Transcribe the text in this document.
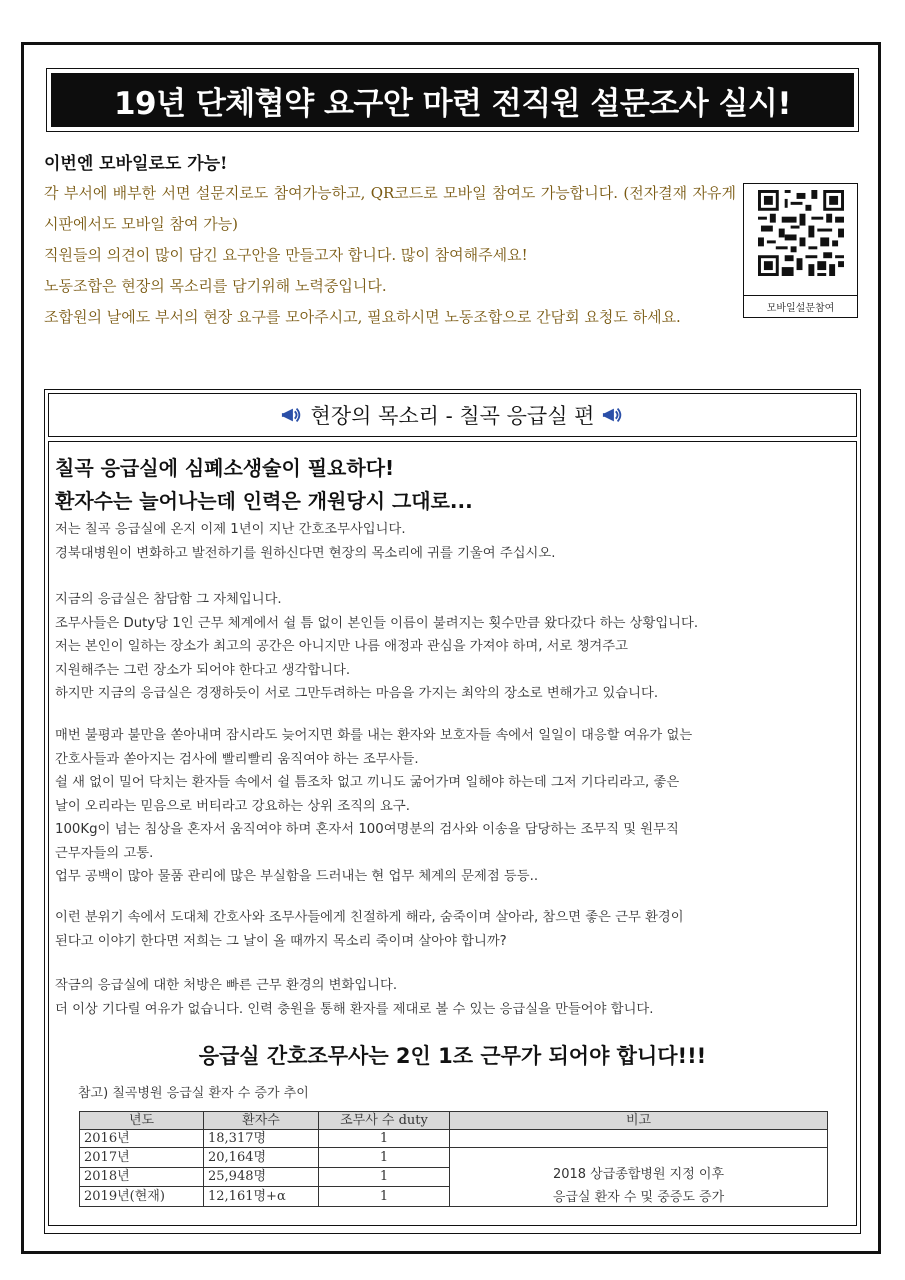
19년 단체협약 요구안 마련 전직원 설문조사 실시!
이번엔 모바일로도 가능!

각 부서에 배부한 서면 설문지로도 참여가능하고, QR코드로 모바일 참여도 가능합니다. (전자결재 자유게시판에서도 모바일 참여 가능)

직원들의 의견이 많이 담긴 요구안을 만들고자 합니다. 많이 참여해주세요!

노동조합은 현장의 목소리를 담기위해 노력중입니다.

조합원의 날에도 부서의 현장 요구를 모아주시고, 필요하시면 노동조합으로 간담회 요청도 하세요.	모바일설문참여
현장의 목소리 - 칠곡 응급실 편
칠곡 응급실에 심폐소생술이 필요하다!
환자수는 늘어나는데 인력은 개원당시 그대로...

저는 칠곡 응급실에 온지 이제 1년이 지난 간호조무사입니다.

경북대병원이 변화하고 발전하기를 원하신다면 현장의 목소리에 귀를 기울여 주십시오.

지금의 응급실은 참담함 그 자체입니다.

조무사들은 Duty당 1인 근무 체계에서 쉴 틈 없이 본인들 이름이 불려지는 횟수만큼 왔다갔다 하는 상황입니다.

저는 본인이 일하는 장소가 최고의 공간은 아니지만 나름 애정과 관심을 가져야 하며, 서로 챙겨주고

지원해주는 그런 장소가 되어야 한다고 생각합니다.

하지만 지금의 응급실은 경쟁하듯이 서로 그만두려하는 마음을 가지는 최악의 장소로 변해가고 있습니다.

매번 불평과 불만을 쏟아내며 잠시라도 늦어지면 화를 내는 환자와 보호자들 속에서 일일이 대응할 여유가 없는

간호사들과 쏟아지는 검사에 빨리빨리 움직여야 하는 조무사들.

쉴 새 없이 밀어 닥치는 환자들 속에서 쉴 틈조차 없고 끼니도 굶어가며 일해야 하는데 그저 기다리라고, 좋은

날이 오리라는 믿음으로 버티라고 강요하는 상위 조직의 요구.

100Kg이 넘는 침상을 혼자서 움직여야 하며 혼자서 100여명분의 검사와 이송을 담당하는 조무직 및 원무직

근무자들의 고통.

업무 공백이 많아 물품 관리에 많은 부실함을 드러내는 현 업무 체계의 문제점 등등..

이런 분위기 속에서 도대체 간호사와 조무사들에게 친절하게 해라, 숨죽이며 살아라, 참으면 좋은 근무 환경이

된다고 이야기 한다면 저희는 그 날이 올 때까지 목소리 죽이며 살아야 합니까?

작금의 응급실에 대한 처방은 빠른 근무 환경의 변화입니다.

더 이상 기다릴 여유가 없습니다. 인력 충원을 통해 환자를 제대로 볼 수 있는 응급실을 만들어야 합니다.

응급실 간호조무사는 2인 1조 근무가 되어야 합니다!!!
참고) 칠곡병원 응급실 환자 수 증가 추이
년도	환자수	조무사 수 duty	비고
2016년	18,317명	1	
2017년	20,164명	1	2018 상급종합병원 지정 이후
응급실 환자 수 및 중증도 증가

2018년	25,948명	1	
2019년(현재)	12,161명+α	1	
